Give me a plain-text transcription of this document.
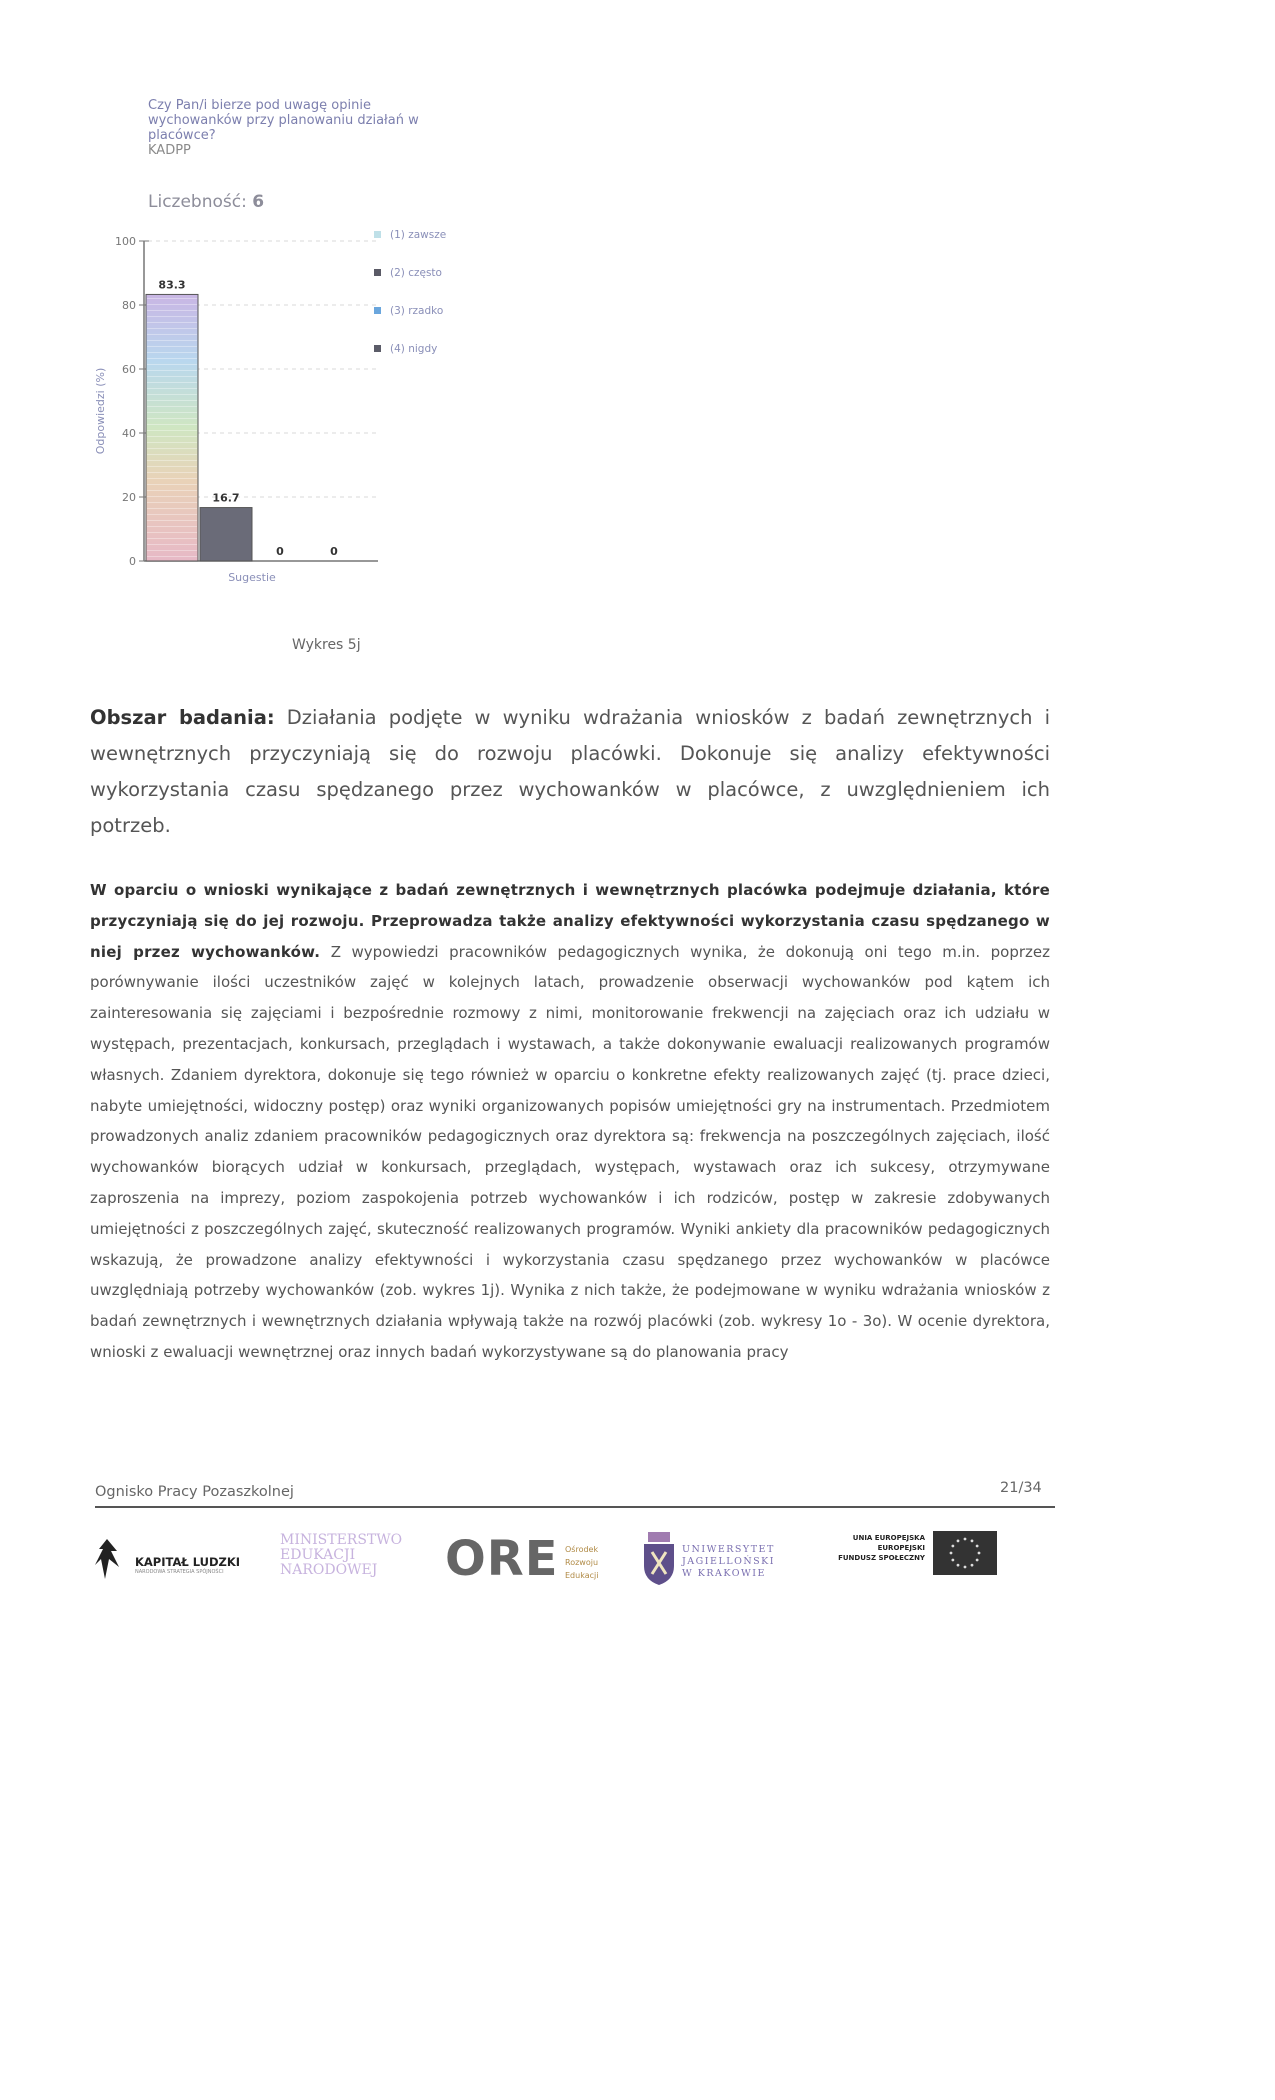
Czy Pan/i bierze pod uwagę opinie
wychowanków przy planowaniu działań w
placówce?
KADPP
Liczebność: 6
0
20
40
60
80
100
Odpowiedzi (%)
83.3
16.7
0	0
Sugestie
(1) zawsze
(2) często
(3) rzadko
(4) nigdy
Wykres 5j

Obszar badania: Działania podjęte w wyniku wdrażania wniosków z badań zewnętrznych i wewnętrznych przyczyniają się do rozwoju placówki. Dokonuje się analizy efektywności wykorzystania czasu spędzanego przez wychowanków w placówce, z uwzględnieniem ich potrzeb.

W oparciu o wnioski wynikające z badań zewnętrznych i wewnętrznych placówka podejmuje działania, które przyczyniają się do jej rozwoju. Przeprowadza także analizy efektywności wykorzystania czasu spędzanego w niej przez wychowanków. Z wypowiedzi pracowników pedagogicznych wynika, że dokonują oni tego m.in. poprzez porównywanie ilości uczestników zajęć w kolejnych latach, prowadzenie obserwacji wychowanków pod kątem ich zainteresowania się zajęciami i bezpośrednie rozmowy z nimi, monitorowanie frekwencji na zajęciach oraz ich udziału w występach, prezentacjach, konkursach, przeglądach i wystawach, a także dokonywanie ewaluacji realizowanych programów własnych. Zdaniem dyrektora, dokonuje się tego również w oparciu o konkretne efekty realizowanych zajęć (tj. prace dzieci, nabyte umiejętności, widoczny postęp) oraz wyniki organizowanych popisów umiejętności gry na instrumentach. Przedmiotem prowadzonych analiz zdaniem pracowników pedagogicznych oraz dyrektora są: frekwencja na poszczególnych zajęciach, ilość wychowanków biorących udział w konkursach, przeglądach, występach, wystawach oraz ich sukcesy, otrzymywane zaproszenia na imprezy, poziom zaspokojenia potrzeb wychowanków i ich rodziców, postęp w zakresie zdobywanych umiejętności z poszczególnych zajęć, skuteczność realizowanych programów. Wyniki ankiety dla pracowników pedagogicznych wskazują, że prowadzone analizy efektywności i wykorzystania czasu spędzanego przez wychowanków w placówce uwzględniają potrzeby wychowanków (zob. wykres 1j). Wynika z nich także, że podejmowane w wyniku wdrażania wniosków z badań zewnętrznych i wewnętrznych działania wpływają także na rozwój placówki (zob. wykresy 1o - 3o). W ocenie dyrektora, wnioski z ewaluacji wewnętrznej oraz innych badań wykorzystywane są do planowania pracy

Ognisko Pracy Pozaszkolnej	21/34
KAPITAŁ LUDZKI
NARODOWA STRATEGIA SPÓJNOŚCI
MINISTERSTWO
EDUKACJI
NARODOWEJ	ORE Ośrodek
Rozwoju
Edukacji
UNIWERSYTET
JAGIELLOŃSKI
W KRAKOWIE
UNIA EUROPEJSKA
EUROPEJSKI
FUNDUSZ SPOŁECZNY
